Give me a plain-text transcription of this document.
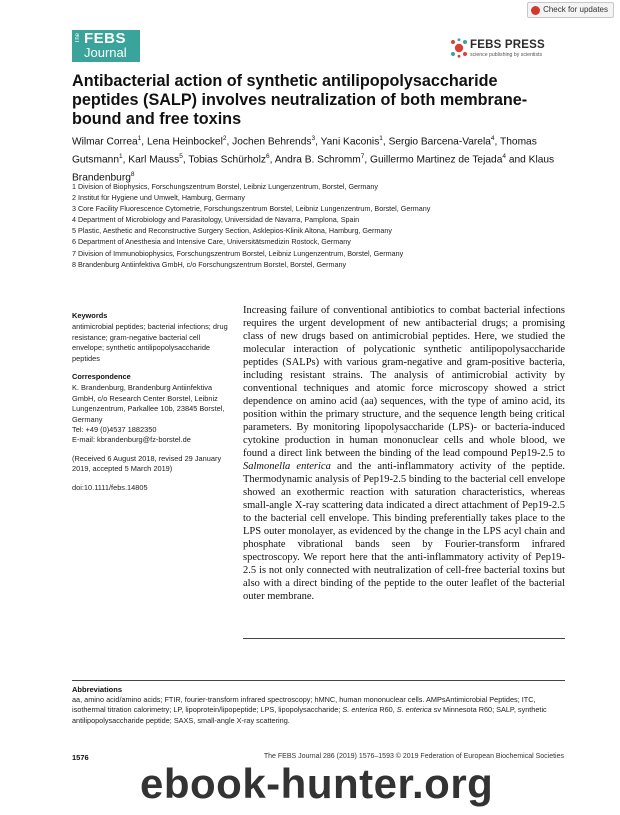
Check for updates
The FEBS
Journal	FEBS PRESS
science publishing by scientists
Antibacterial action of synthetic antilipopolysaccharide peptides (SALP) involves neutralization of both membrane-bound and free toxins
Wilmar Correa$^1$, Lena Heinbockel$^2$, Jochen Behrends$^3$, Yani Kaconis$^1$, Sergio Barcena-Varela$^4$, Thomas Gutsmann$^1$, Karl Mauss$^5$, Tobias Schürholz$^6$, Andra B. Schromm$^7$, Guillermo Martinez de Tejada$^4$ and Klaus Brandenburg$^8$
1 Division of Biophysics, Forschungszentrum Borstel, Leibniz Lungenzentrum, Borstel, Germany
2 Institut für Hygiene und Umwelt, Hamburg, Germany
3 Core Facility Fluorescence Cytometrie, Forschungszentrum Borstel, Leibniz Lungenzentrum, Borstel, Germany
4 Department of Microbiology and Parasitology, Universidad de Navarra, Pamplona, Spain
5 Plastic, Aesthetic and Reconstructive Surgery Section, Asklepios-Klinik Altona, Hamburg, Germany
6 Department of Anesthesia and Intensive Care, Universitätsmedizin Rostock, Germany
7 Division of Immunobiophysics, Forschungszentrum Borstel, Leibniz Lungenzentrum, Borstel, Germany
8 Brandenburg Antiinfektiva GmbH, c/o Forschungszentrum Borstel, Borstel, Germany
Keywords
antimicrobial peptides; bacterial infections; drug resistance; gram-negative bacterial cell envelope; synthetic antilipopolysaccharide peptides
Correspondence
K. Brandenburg, Brandenburg Antiinfektiva GmbH, c/o Research Center Borstel, Leibniz Lungenzentrum, Parkallee 10b, 23845 Borstel, Germany
Tel: +49 (0)4537 1882350
E-mail: kbrandenburg@fz-borstel.de
(Received 6 August 2018, revised 29 January 2019, accepted 5 March 2019)
doi:10.1111/febs.14805
Increasing failure of conventional antibiotics to combat bacterial infections requires the urgent development of new antibacterial drugs; a promising class of new drugs based on antimicrobial peptides. Here, we studied the molecular interaction of polycationic synthetic antilipopolysaccharide peptides (SALPs) with various gram-negative and gram-positive bacteria, including resistant strains. The analysis of antimicrobial activity by conventional techniques and atomic force microscopy showed a strict dependence on amino acid (aa) sequences, with the type of amino acid, its position within the primary structure, and the sequence length being critical parameters. By monitoring lipopolysaccharide (LPS)- or bacteria-induced cytokine production in human mononuclear cells and whole blood, we found a direct link between the binding of the lead compound Pep19-2.5 to Salmonella enterica and the anti-inflammatory activity of the peptide. Thermodynamic analysis of Pep19-2.5 binding to the bacterial cell envelope showed an exothermic reaction with saturation characteristics, whereas small-angle X-ray scattering data indicated a direct attachment of Pep19-2.5 to the bacterial cell envelope. This binding preferentially takes place to the LPS outer monolayer, as evidenced by the change in the LPS acyl chain and phosphate vibrational bands seen by Fourier-transform infrared spectroscopy. We report here that the anti-inflammatory activity of Pep19-2.5 is not only connected with neutralization of cell-free bacterial toxins but also with a direct binding of the peptide to the outer leaflet of the bacterial outer membrane.
Abbreviations
aa, amino acid/amino acids; FTIR, fourier-transform infrared spectroscopy; hMNC, human mononuclear cells. AMPsAntimicrobial Peptides; ITC, isothermal titration calorimetry; LP, lipoprotein/lipopeptide; LPS, lipopolysaccharide; S. enterica R60, S. enterica sv Minnesota R60; SALP, synthetic antilipopolysaccharide peptide; SAXS, small-angle X-ray scattering.
1576	The FEBS Journal 286 (2019) 1576–1593 © 2019 Federation of European Biochemical Societies
ebook-hunter.org
